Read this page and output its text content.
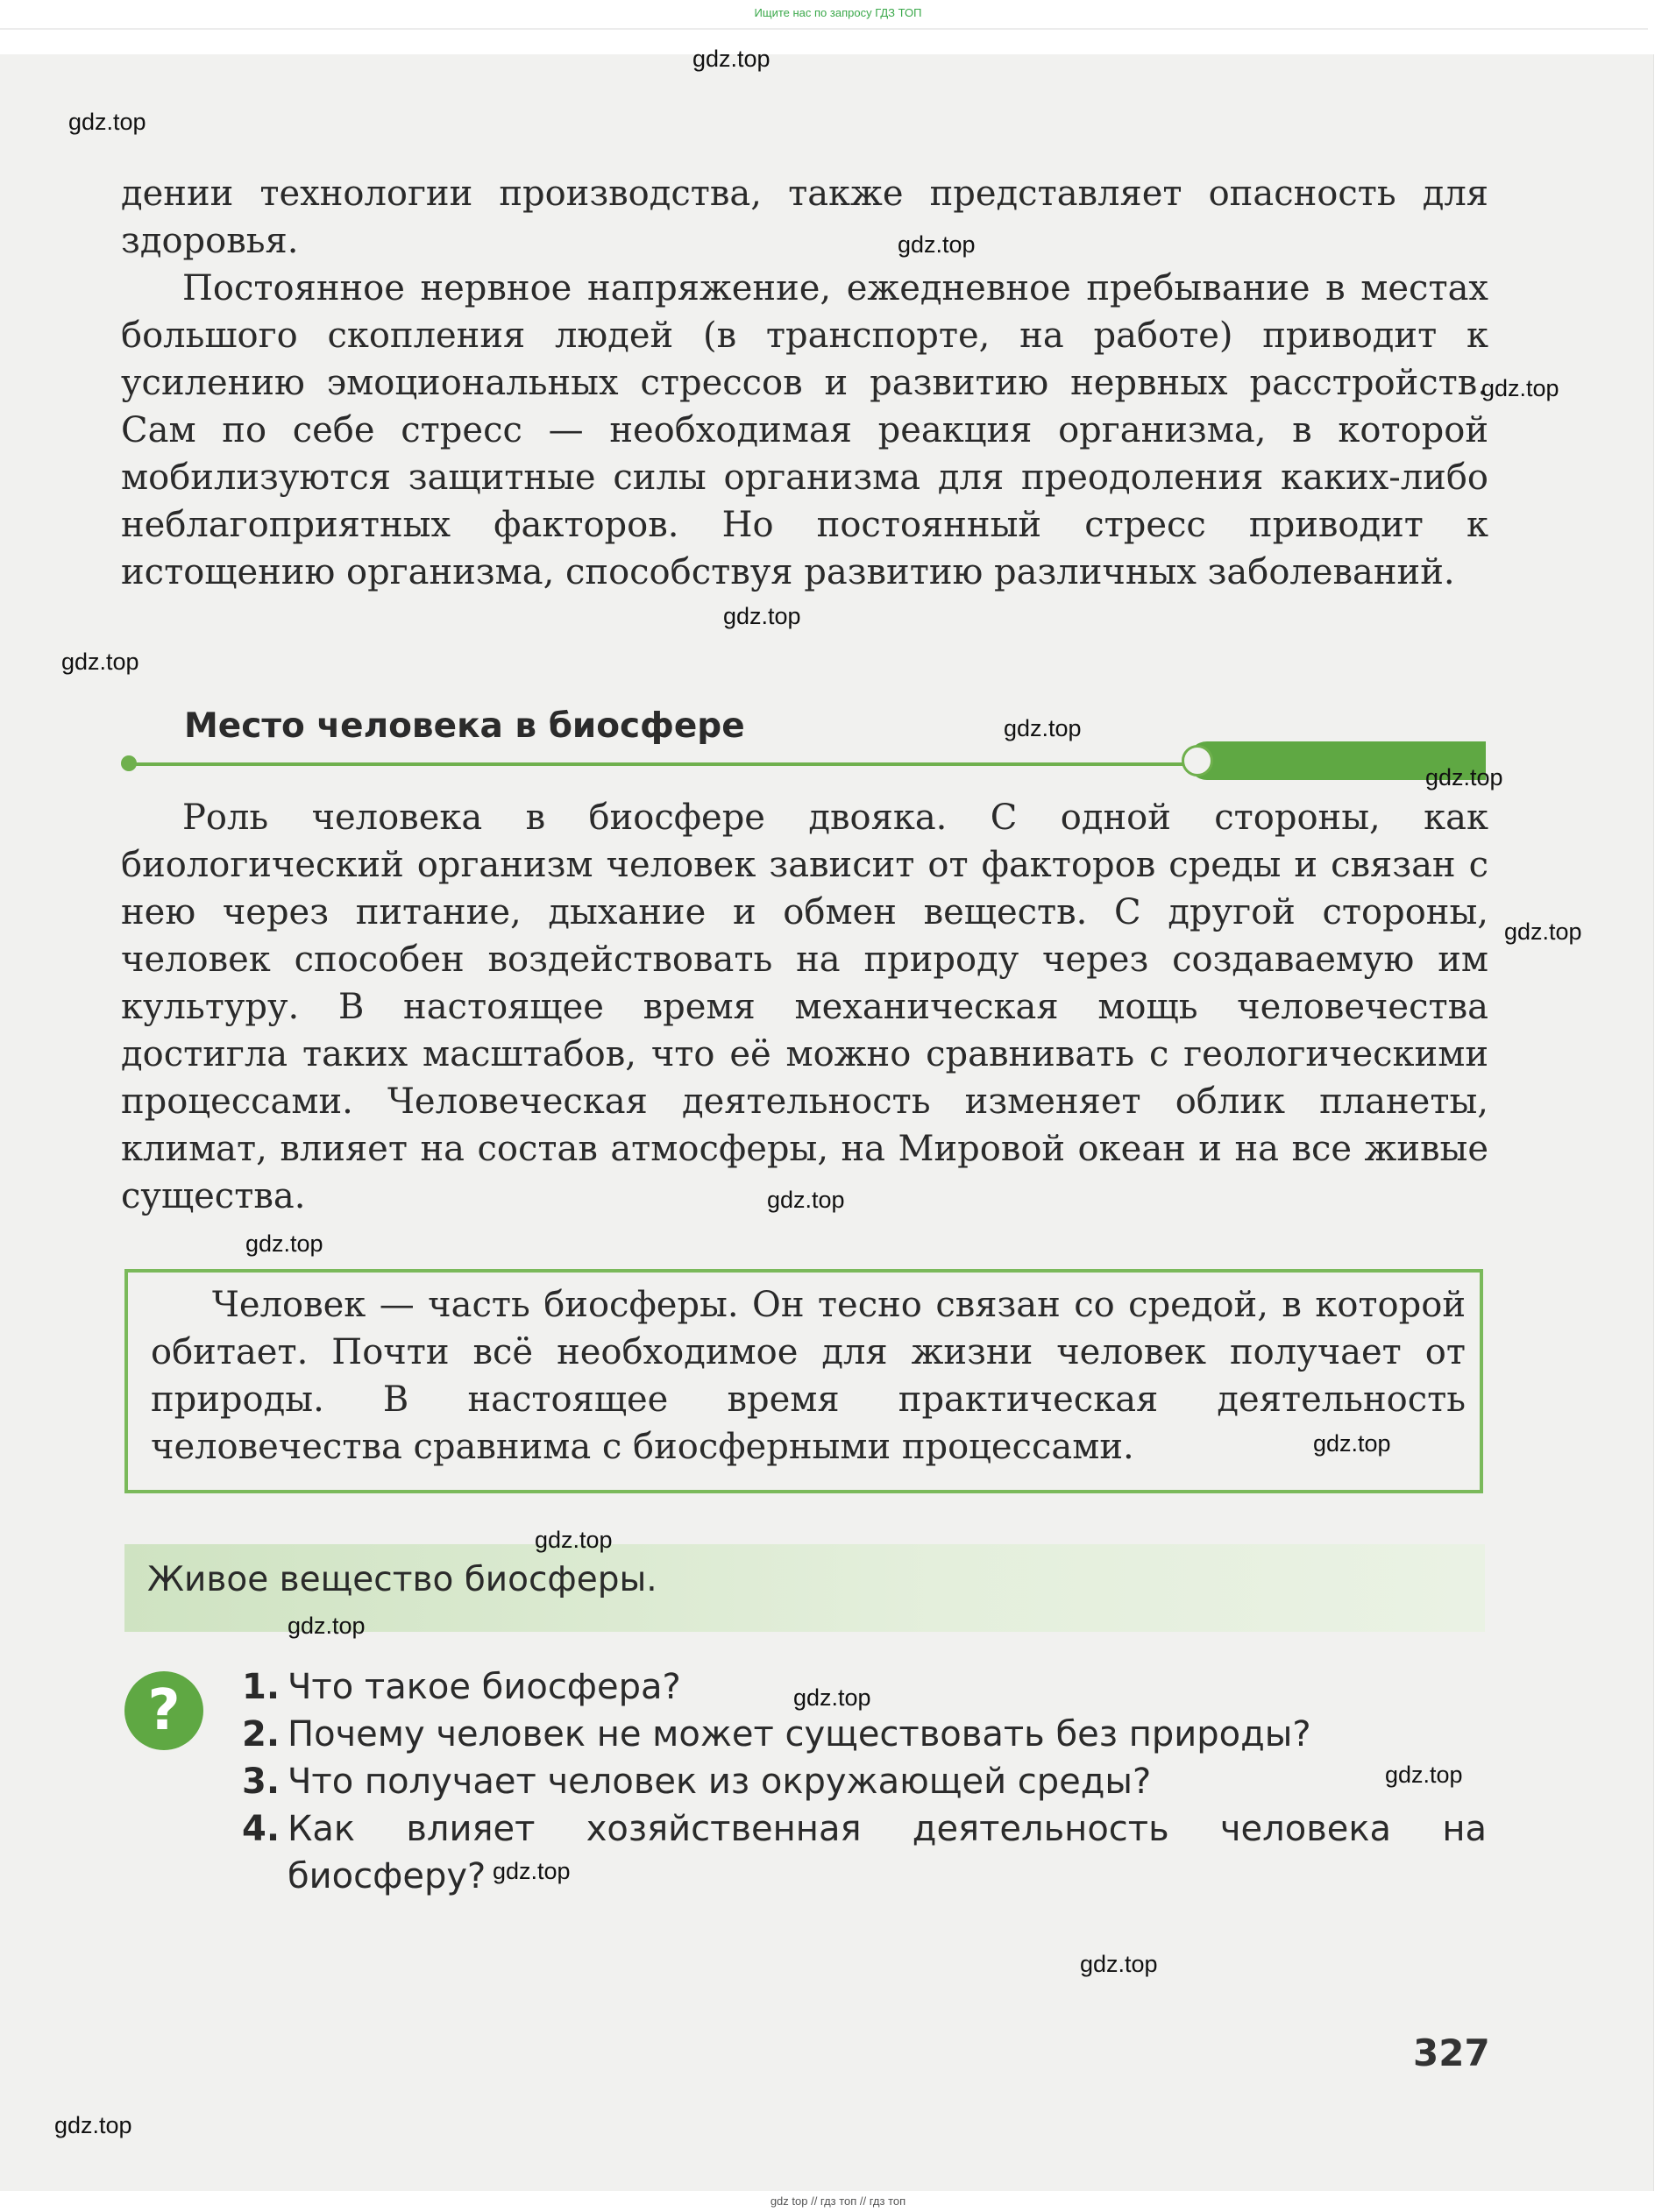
Ищите нас по запросу ГДЗ ТОП

дении технологии производства, также представляет опасность для здоровья.

Постоянное нервное напряжение, ежедневное пребывание в местах большого скопления людей (в транспорте, на работе) приводит к усилению эмоциональных стрессов и развитию нервных расстройств. Сам по себе стресс — необходимая реакция организма, в которой мобилизуются защитные силы организма для преодоления каких-либо неблагоприятных факторов. Но постоянный стресс приводит к истощению организма, способствуя развитию различных заболеваний.

Место человека в биосфере

Роль человека в биосфере двояка. С одной стороны, как биологический организм человек зависит от факторов среды и связан с нею через питание, дыхание и обмен веществ. С другой стороны, человек способен воздействовать на природу через создаваемую им культуру. В настоящее время механическая мощь человечества достигла таких масштабов, что её можно сравнивать с геологическими процессами. Человеческая деятельность изменяет облик планеты, климат, влияет на состав атмосферы, на Мировой океан и на все живые существа.

Человек — часть биосферы. Он тесно связан со средой, в которой обитает. Почти всё необходимое для жизни человек получает от природы. В настоящее время практическая деятельность человечества сравнима с биосферными процессами.

Живое вещество биосферы.
?	1. Что такое биосфера?
2. Почему человек не может существовать без природы?
3. Что получает человек из окружающей среды?
4. Как влияет хозяйственная деятельность человека на биосферу?
327
gdz.top
gdz.top
gdz.top
gdz.top
gdz.top
gdz.top
gdz.top
gdz.top
gdz.top
gdz.top
gdz.top
gdz.top
gdz.top
gdz.top
gdz.top
gdz.top
gdz.top
gdz.top
gdz.top
gdz top // гдз топ // гдз топ
